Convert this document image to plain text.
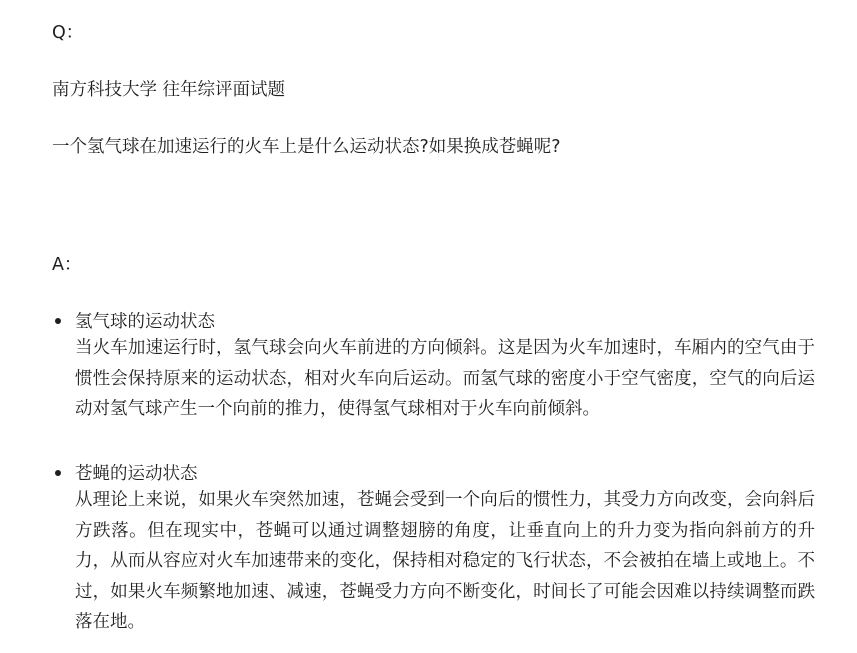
Q：
南方科技大学 往年综评面试题
一个氢气球在加速运行的火车上是什么运动状态?如果换成苍蝇呢?
A：
氢气球的运动状态
当火车加速运行时，氢气球会向火车前进的方向倾斜。这是因为火车加速时，车厢内的空气由于惯性会保持原来的运动状态，相对火车向后运动。而氢气球的密度小于空气密度，空气的向后运动对氢气球产生一个向前的推力，使得氢气球相对于火车向前倾斜。
苍蝇的运动状态
从理论上来说，如果火车突然加速，苍蝇会受到一个向后的惯性力，其受力方向改变，会向斜后方跌落。但在现实中，苍蝇可以通过调整翅膀的角度，让垂直向上的升力变为指向斜前方的升力，从而从容应对火车加速带来的变化，保持相对稳定的飞行状态，不会被拍在墙上或地上。不过，如果火车频繁地加速、减速，苍蝇受力方向不断变化，时间长了可能会因难以持续调整而跌落在地。
